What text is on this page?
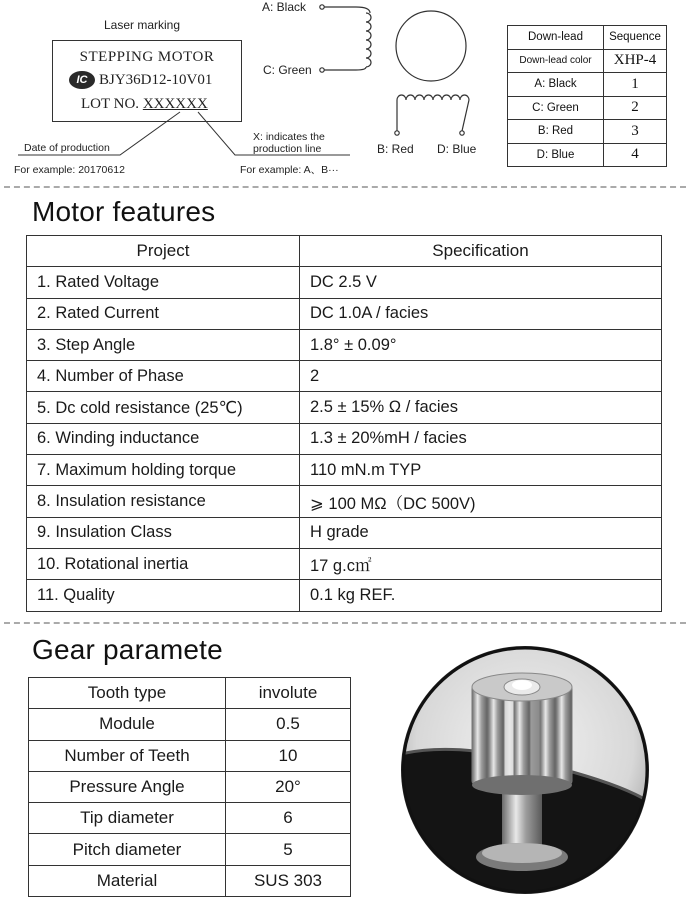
Laser marking
STEPPING MOTOR
IC BJY36D12-10V01
LOT NO. XXXXXX
Date of production
For example: 20170612
X: indicates the
production line
For example: A、B···
A: Black
C: Green
B: Red D: Blue
Down-lead	Sequence
Down-lead color	XHP-4
A: Black	1
C: Green	2
B: Red	3
D: Blue	4
Motor features
Project	Specification
1. Rated Voltage	DC 2.5 V
2. Rated Current	DC 1.0A / facies
3. Step Angle	1.8° ± 0.09°
4. Number of Phase	2
5. Dc cold resistance (25℃)	2.5 ± 15% Ω / facies
6. Winding inductance	1.3 ± 20%mH / facies
7. Maximum holding torque	110 mN.m TYP
8. Insulation resistance	⩾ 100 MΩ（DC 500V)
9. Insulation Class	H grade
10. Rotational inertia	17 g.c㎡
11. Quality	0.1 kg REF.
Gear paramete
Tooth type	involute
Module	0.5
Number of Teeth	10
Pressure Angle	20°
Tip diameter	6
Pitch diameter	5
Material	SUS 303
